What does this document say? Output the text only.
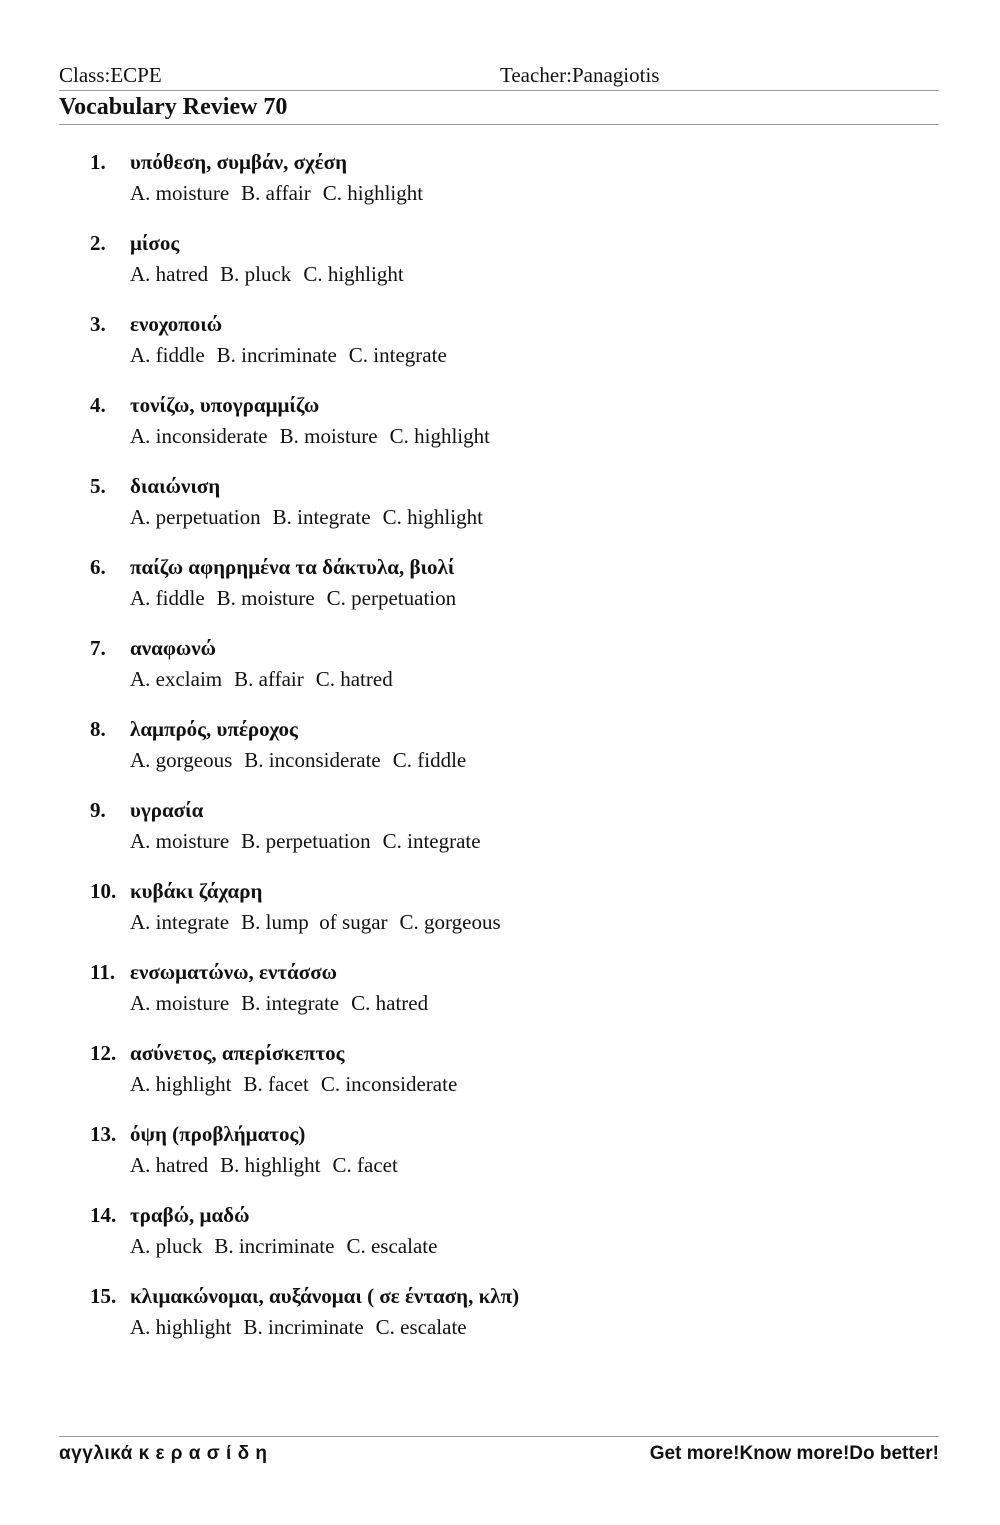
Class:ECPE	Teacher:Panagiotis
Vocabulary Review 70
1. υπόθεση, συμβάν, σχέση
A. moisture B. affair C. highlight
2. μίσος
A. hatred B. pluck C. highlight
3. ενοχοποιώ
A. fiddle B. incriminate C. integrate
4. τονίζω, υπογραμμίζω
A. inconsiderate B. moisture C. highlight
5. διαιώνιση
A. perpetuation B. integrate C. highlight
6. παίζω αφηρημένα τα δάκτυλα, βιολί
A. fiddle B. moisture C. perpetuation
7. αναφωνώ
A. exclaim B. affair C. hatred
8. λαμπρός, υπέροχος
A. gorgeous B. inconsiderate C. fiddle
9. υγρασία
A. moisture B. perpetuation C. integrate
10. κυβάκι ζάχαρη
A. integrate B. lump  of sugar C. gorgeous
11. ενσωματώνω, εντάσσω
A. moisture B. integrate C. hatred
12. ασύνετος, απερίσκεπτος
A. highlight B. facet C. inconsiderate
13. όψη (προβλήματος)
A. hatred B. highlight C. facet
14. τραβώ, μαδώ
A. pluck B. incriminate C. escalate
15. κλιμακώνομαι, αυξάνομαι ( σε ένταση, κλπ)
A. highlight B. incriminate C. escalate
αγγλικά κ ε ρ α σ ί δ η	Get more!Know more!Do better!
